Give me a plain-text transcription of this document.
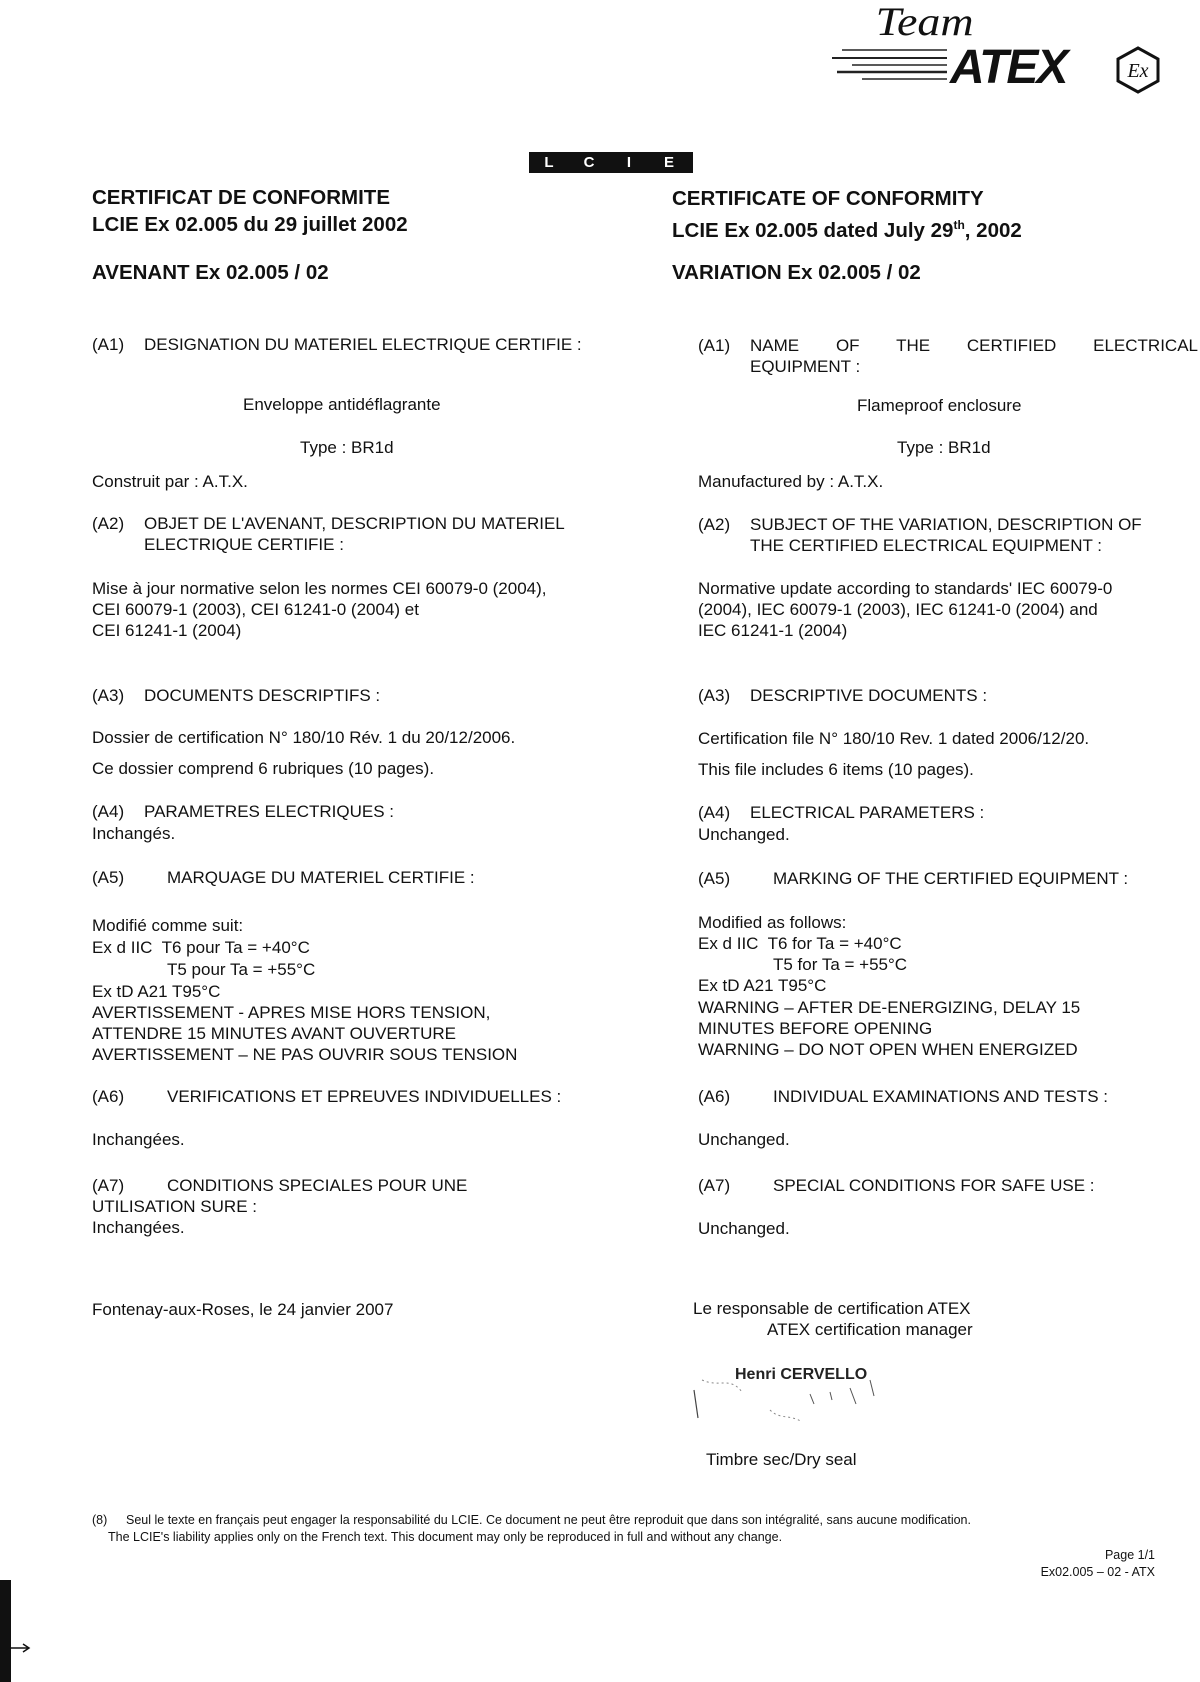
Team
ATEX	Ex
L	C	I	E
CERTIFICAT DE CONFORMITE
LCIE Ex 02.005 du 29 juillet 2002
AVENANT Ex 02.005 / 02
CERTIFICATE OF CONFORMITY
LCIE Ex 02.005 dated July 29th, 2002
VARIATION Ex 02.005 / 02
(A1) DESIGNATION DU MATERIEL ELECTRIQUE CERTIFIE :
Enveloppe antidéflagrante
Type : BR1d
Construit par : A.T.X.
(A2) OBJET DE L'AVENANT, DESCRIPTION DU MATERIEL
ELECTRIQUE CERTIFIE :
Mise à jour normative selon les normes CEI 60079-0 (2004),
CEI 60079-1 (2003), CEI 61241-0 (2004) et
CEI 61241-1 (2004)
(A3) DOCUMENTS DESCRIPTIFS :
Dossier de certification N° 180/10 Rév. 1 du 20/12/2006.
Ce dossier comprend 6 rubriques (10 pages).
(A4) PARAMETRES ELECTRIQUES :
Inchangés.
(A5)	MARQUAGE DU MATERIEL CERTIFIE :
Modifié comme suit:
Ex d IIC  T6 pour Ta = +40°C
T5 pour Ta = +55°C
Ex tD A21 T95°C
AVERTISSEMENT - APRES MISE HORS TENSION,
ATTENDRE 15 MINUTES AVANT OUVERTURE
AVERTISSEMENT – NE PAS OUVRIR SOUS TENSION
(A6)	VERIFICATIONS ET EPREUVES INDIVIDUELLES :
Inchangées.
(A7)	CONDITIONS SPECIALES POUR UNE
UTILISATION SURE :
Inchangées.
Fontenay-aux-Roses, le 24 janvier 2007
(A1)	NAME OF THE CERTIFIED ELECTRICAL
EQUIPMENT :
Flameproof enclosure
Type : BR1d
Manufactured by : A.T.X.
(A2) SUBJECT OF THE VARIATION, DESCRIPTION OF
THE CERTIFIED ELECTRICAL EQUIPMENT :
Normative update according to standards' IEC 60079-0
(2004), IEC 60079-1 (2003), IEC 61241-0 (2004) and
IEC 61241-1 (2004)
(A3) DESCRIPTIVE DOCUMENTS :
Certification file N° 180/10 Rev. 1 dated 2006/12/20.
This file includes 6 items (10 pages).
(A4) ELECTRICAL PARAMETERS :
Unchanged.
(A5)	MARKING OF THE CERTIFIED EQUIPMENT :
Modified as follows:
Ex d IIC  T6 for Ta = +40°C
T5 for Ta = +55°C
Ex tD A21 T95°C
WARNING – AFTER DE-ENERGIZING, DELAY 15
MINUTES BEFORE OPENING
WARNING – DO NOT OPEN WHEN ENERGIZED
(A6)	INDIVIDUAL EXAMINATIONS AND TESTS :
Unchanged.
(A7)	SPECIAL CONDITIONS FOR SAFE USE :
Unchanged.
Le responsable de certification ATEX
ATEX certification manager
Henri CERVELLO
Timbre sec/Dry seal
(8) Seul le texte en français peut engager la responsabilité du LCIE. Ce document ne peut être reproduit que dans son intégralité, sans aucune modification.
The LCIE's liability applies only on the French text. This document may only be reproduced in full and without any change.
Page 1/1
Ex02.005 – 02 - ATX
